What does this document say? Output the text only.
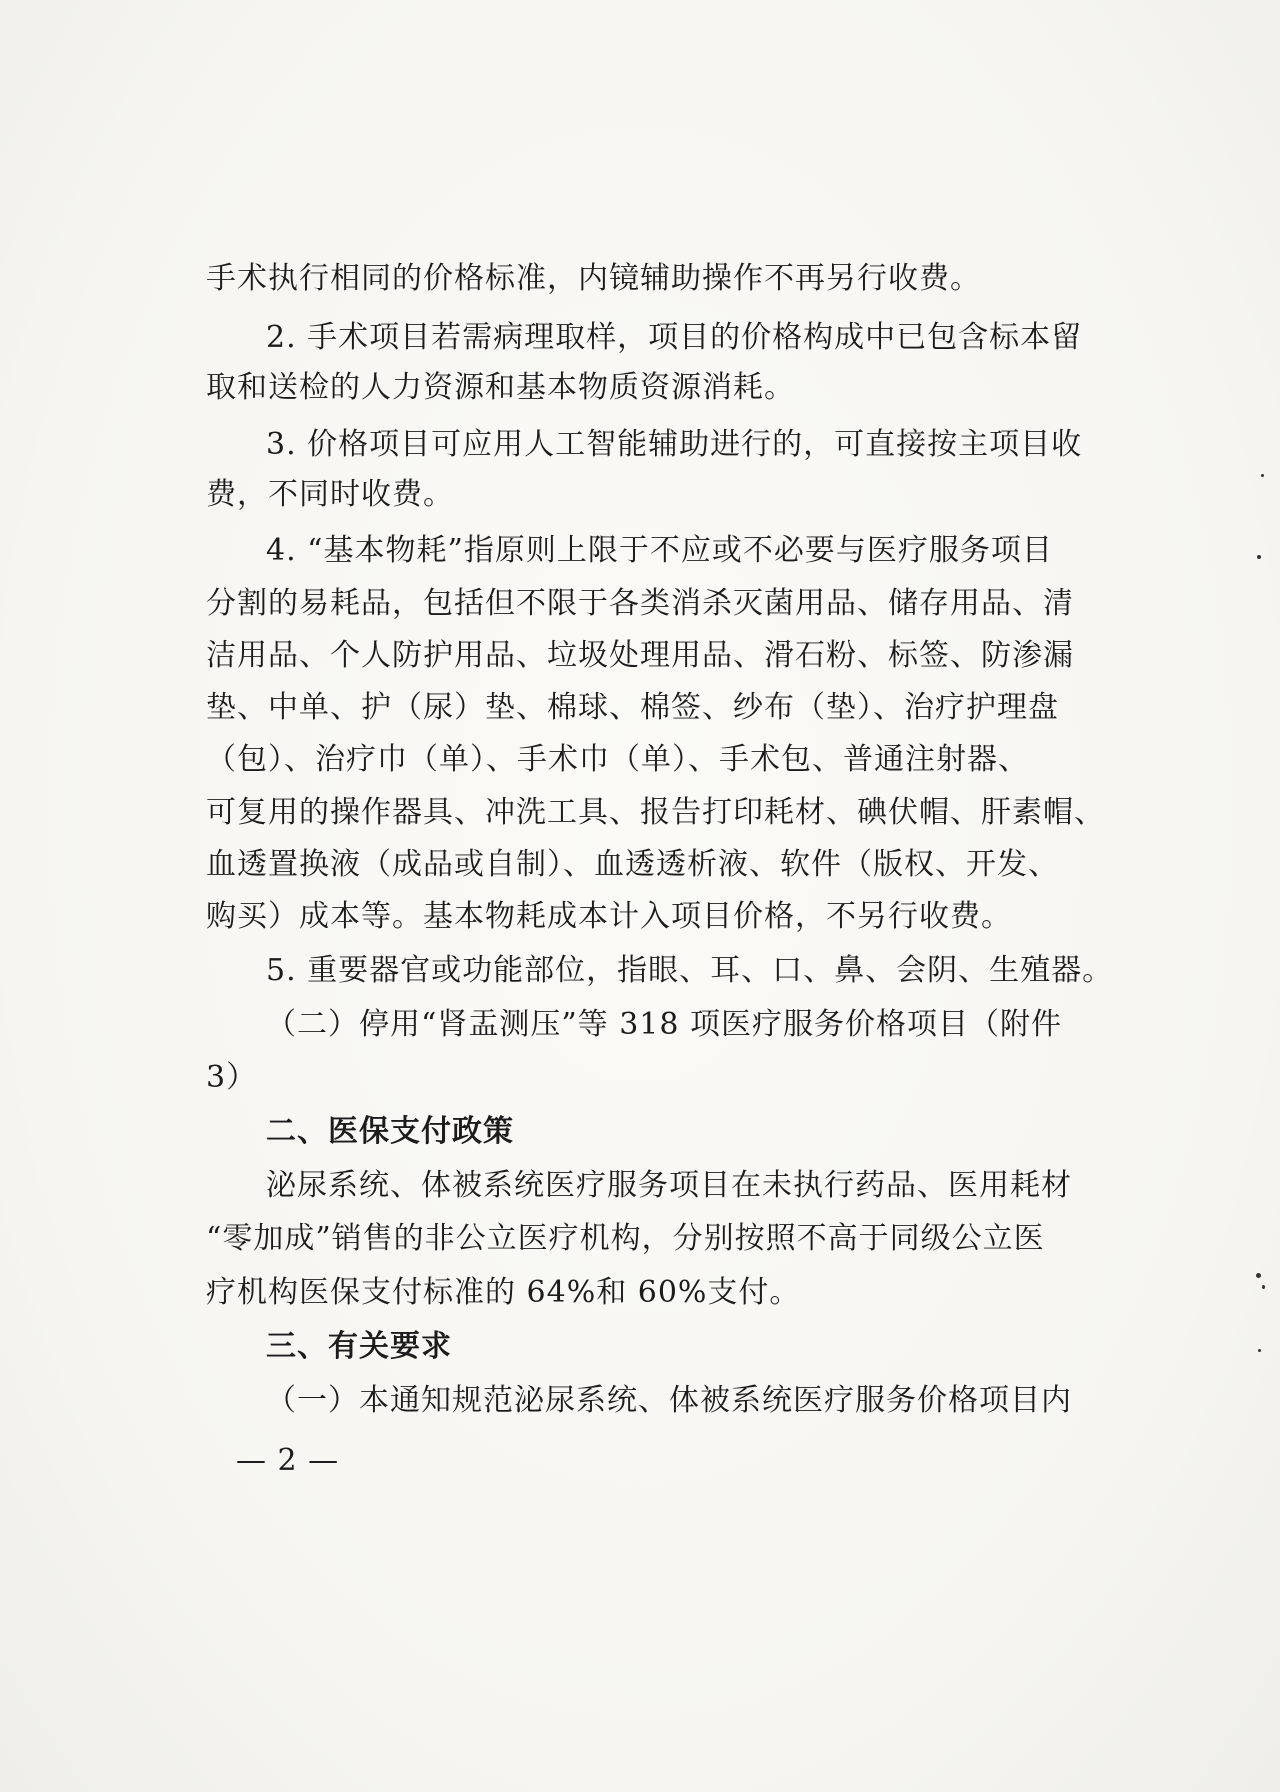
手术执行相同的价格标准，内镜辅助操作不再另行收费。
2. 手术项目若需病理取样，项目的价格构成中已包含标本留
取和送检的人力资源和基本物质资源消耗。
3. 价格项目可应用人工智能辅助进行的，可直接按主项目收
费，不同时收费。
4. “基本物耗”指原则上限于不应或不必要与医疗服务项目
分割的易耗品，包括但不限于各类消杀灭菌用品、储存用品、清
洁用品、个人防护用品、垃圾处理用品、滑石粉、标签、防渗漏
垫、中单、护（尿）垫、棉球、棉签、纱布（垫）、治疗护理盘
（包）、治疗巾（单）、手术巾（单）、手术包、普通注射器、
可复用的操作器具、冲洗工具、报告打印耗材、碘伏帽、肝素帽、
血透置换液（成品或自制）、血透透析液、软件（版权、开发、
购买）成本等。基本物耗成本计入项目价格，不另行收费。
5. 重要器官或功能部位，指眼、耳、口、鼻、会阴、生殖器。
（二）停用“肾盂测压”等 318 项医疗服务价格项目（附件
3）
二、医保支付政策
泌尿系统、体被系统医疗服务项目在未执行药品、医用耗材
“零加成”销售的非公立医疗机构，分别按照不高于同级公立医
疗机构医保支付标准的 64%和 60%支付。
三、有关要求
（一）本通知规范泌尿系统、体被系统医疗服务价格项目内
— 2 —
